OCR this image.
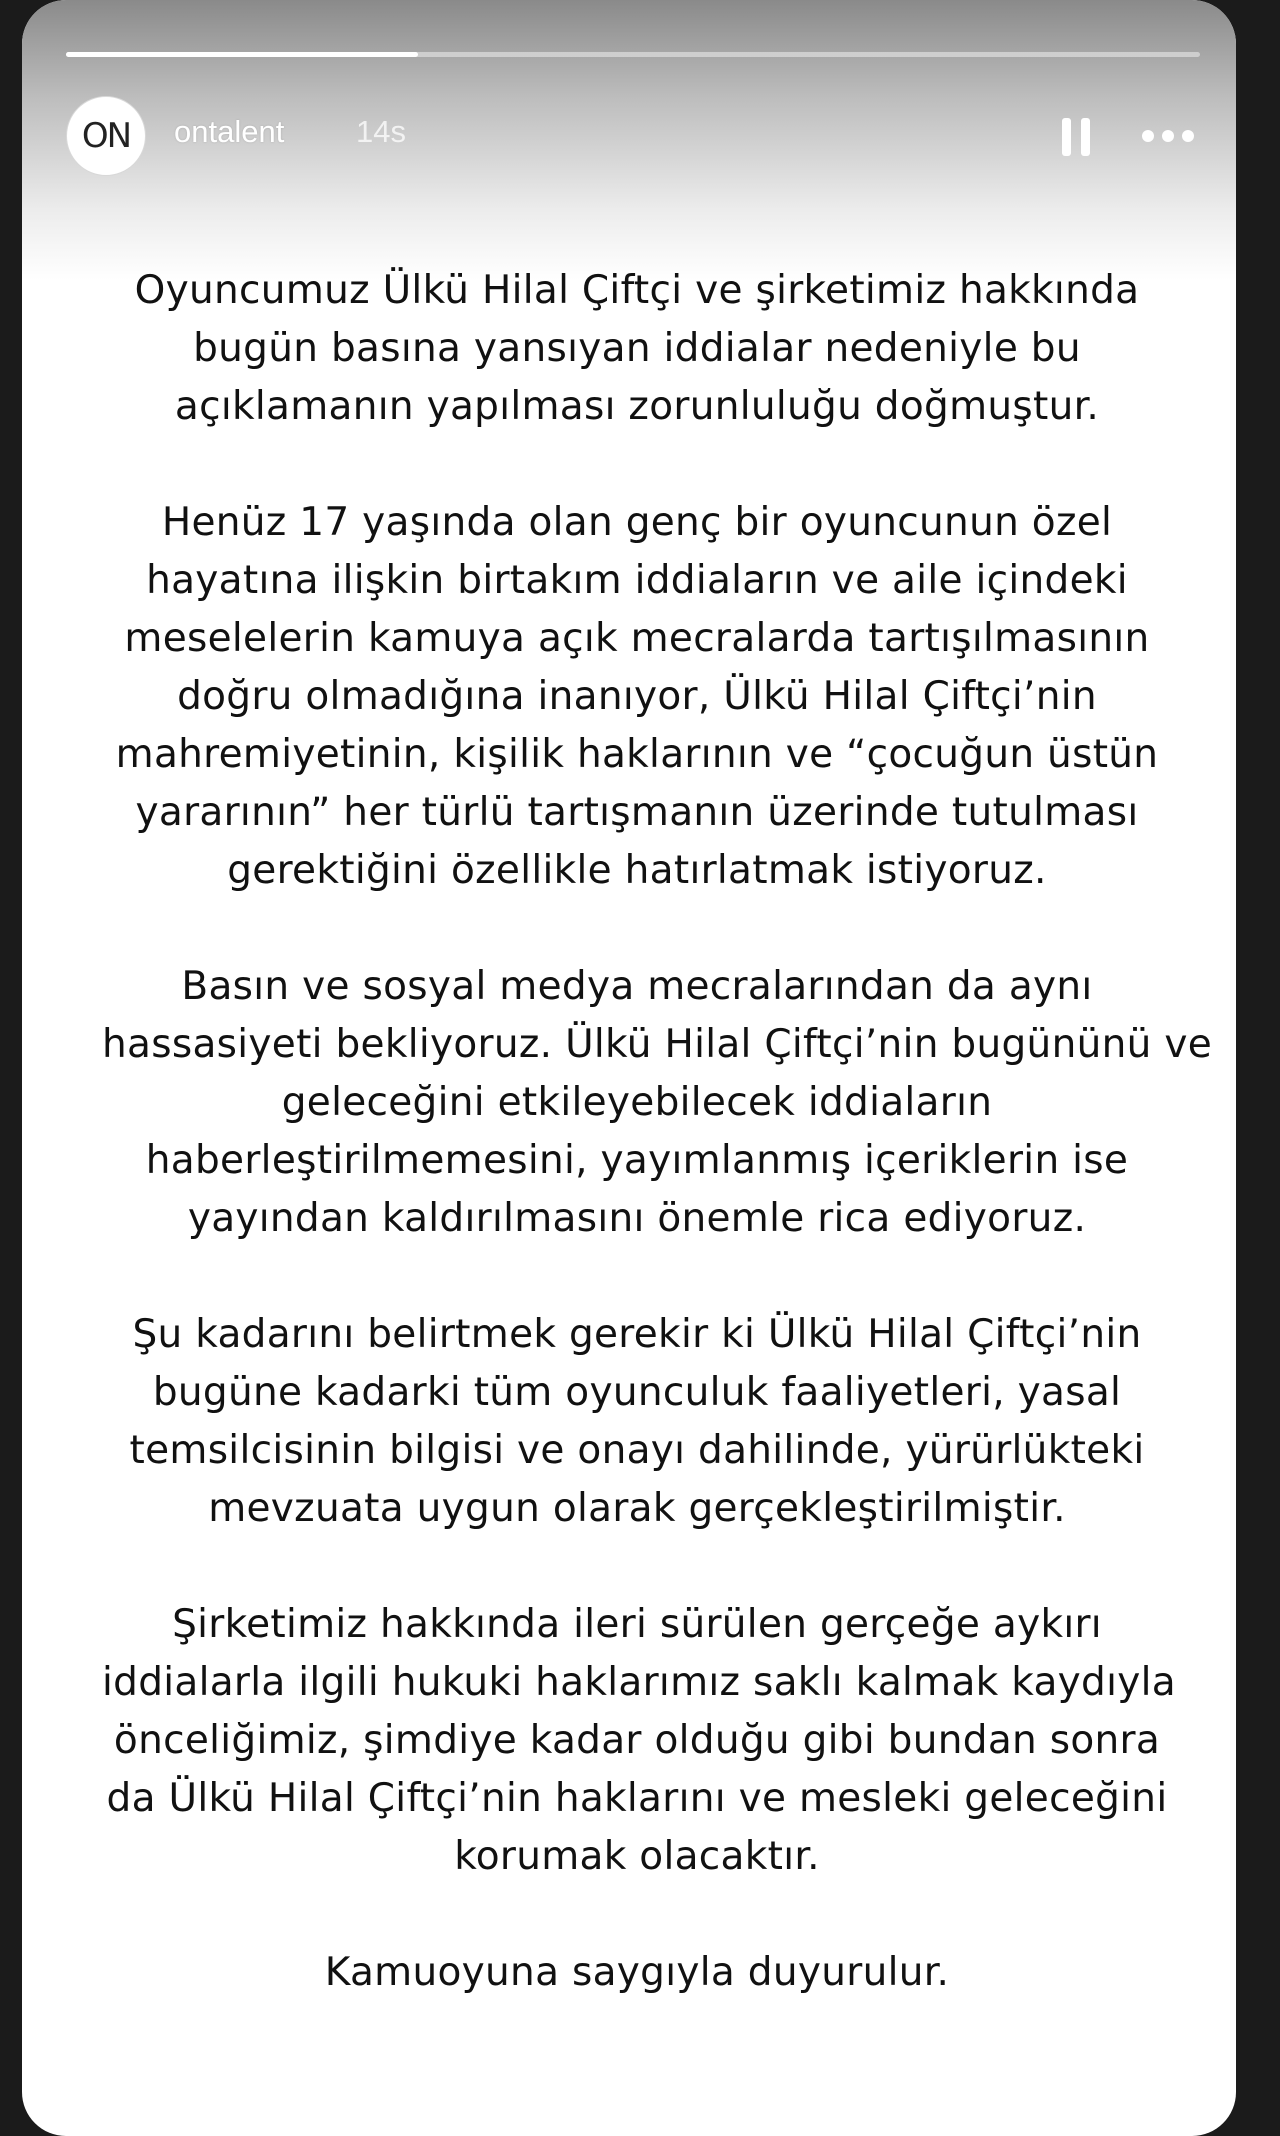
ON	ontalent 14s
Oyuncumuz Ülkü Hilal Çiftçi ve şirketimiz hakkında
bugün basına yansıyan iddialar nedeniyle bu
açıklamanın yapılması zorunluluğu doğmuştur.
Henüz 17 yaşında olan genç bir oyuncunun özel
hayatına ilişkin birtakım iddiaların ve aile içindeki
meselelerin kamuya açık mecralarda tartışılmasının
doğru olmadığına inanıyor, Ülkü Hilal Çiftçi’nin
mahremiyetinin, kişilik haklarının ve “çocuğun üstün
yararının” her türlü tartışmanın üzerinde tutulması
gerektiğini özellikle hatırlatmak istiyoruz.
Basın ve sosyal medya mecralarından da aynı
hassasiyeti bekliyoruz. Ülkü Hilal Çiftçi’nin bugününü ve
geleceğini etkileyebilecek iddiaların
haberleştirilmemesini, yayımlanmış içeriklerin ise
yayından kaldırılmasını önemle rica ediyoruz.
Şu kadarını belirtmek gerekir ki Ülkü Hilal Çiftçi’nin
bugüne kadarki tüm oyunculuk faaliyetleri, yasal
temsilcisinin bilgisi ve onayı dahilinde, yürürlükteki
mevzuata uygun olarak gerçekleştirilmiştir.
Şirketimiz hakkında ileri sürülen gerçeğe aykırı
iddialarla ilgili hukuki haklarımız saklı kalmak kaydıyla
önceliğimiz, şimdiye kadar olduğu gibi bundan sonra
da Ülkü Hilal Çiftçi’nin haklarını ve mesleki geleceğini
korumak olacaktır.
Kamuoyuna saygıyla duyurulur.
